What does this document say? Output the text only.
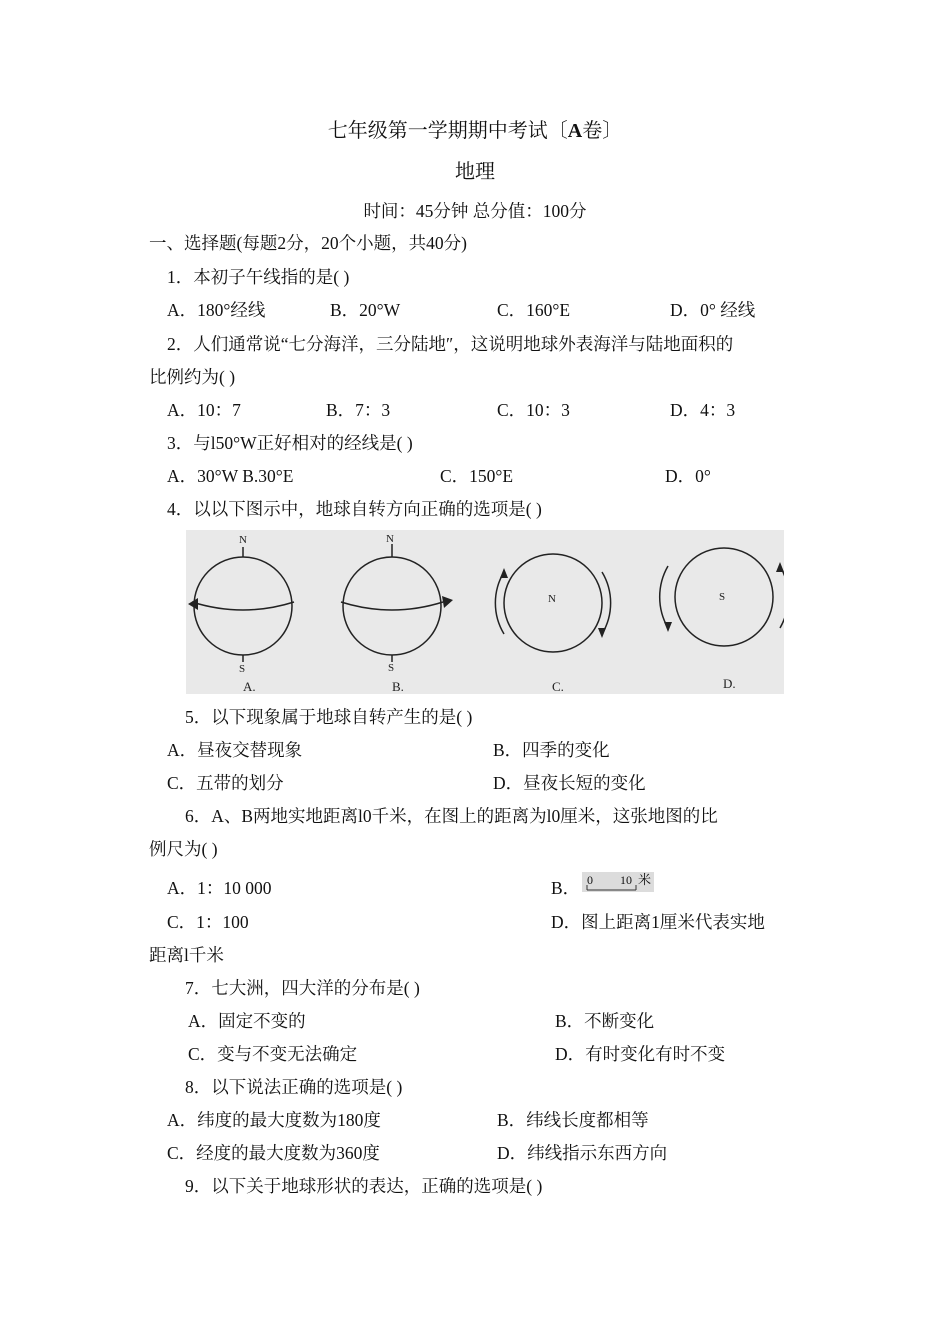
七年级第一学期期中考试〔A卷〕
地理
时间：45分钟 总分值：100分
一、选择题(每题2分，20个小题，共40分)
1．本初子午线指的是( )
A．180°经线	B．20°W	C．160°E	D．0° 经线
2．人们通常说“七分海洋，三分陆地″，这说明地球外表海洋与陆地面积的
比例约为( )
A．10：7	B．7：3	C．10：3	D．4：3
3．与l50°W正好相对的经线是( )
A．30°W B.30°E	C．150°E	D．0°
4．以以下图示中，地球自转方向正确的选项是( )
N
S
A.
N
S
B.
N
C.
S
D.
5．以下现象属于地球自转产生的是( )
A．昼夜交替现象	B．四季的变化
C．五带的划分	D．昼夜长短的变化
6．A、B两地实地距离l0千米，在图上的距离为l0厘米，这张地图的比
例尺为( )
A．1：10 000	B． 0 10 米
C．1：100	D．图上距离1厘米代表实地
距离l千米
7．七大洲，四大洋的分布是( )
A．固定不变的	B．不断变化
C．变与不变无法确定	D．有时变化有时不变
8．以下说法正确的选项是( )
A．纬度的最大度数为180度	B．纬线长度都相等
C．经度的最大度数为360度	D．纬线指示东西方向
9．以下关于地球形状的表达，正确的选项是( )
